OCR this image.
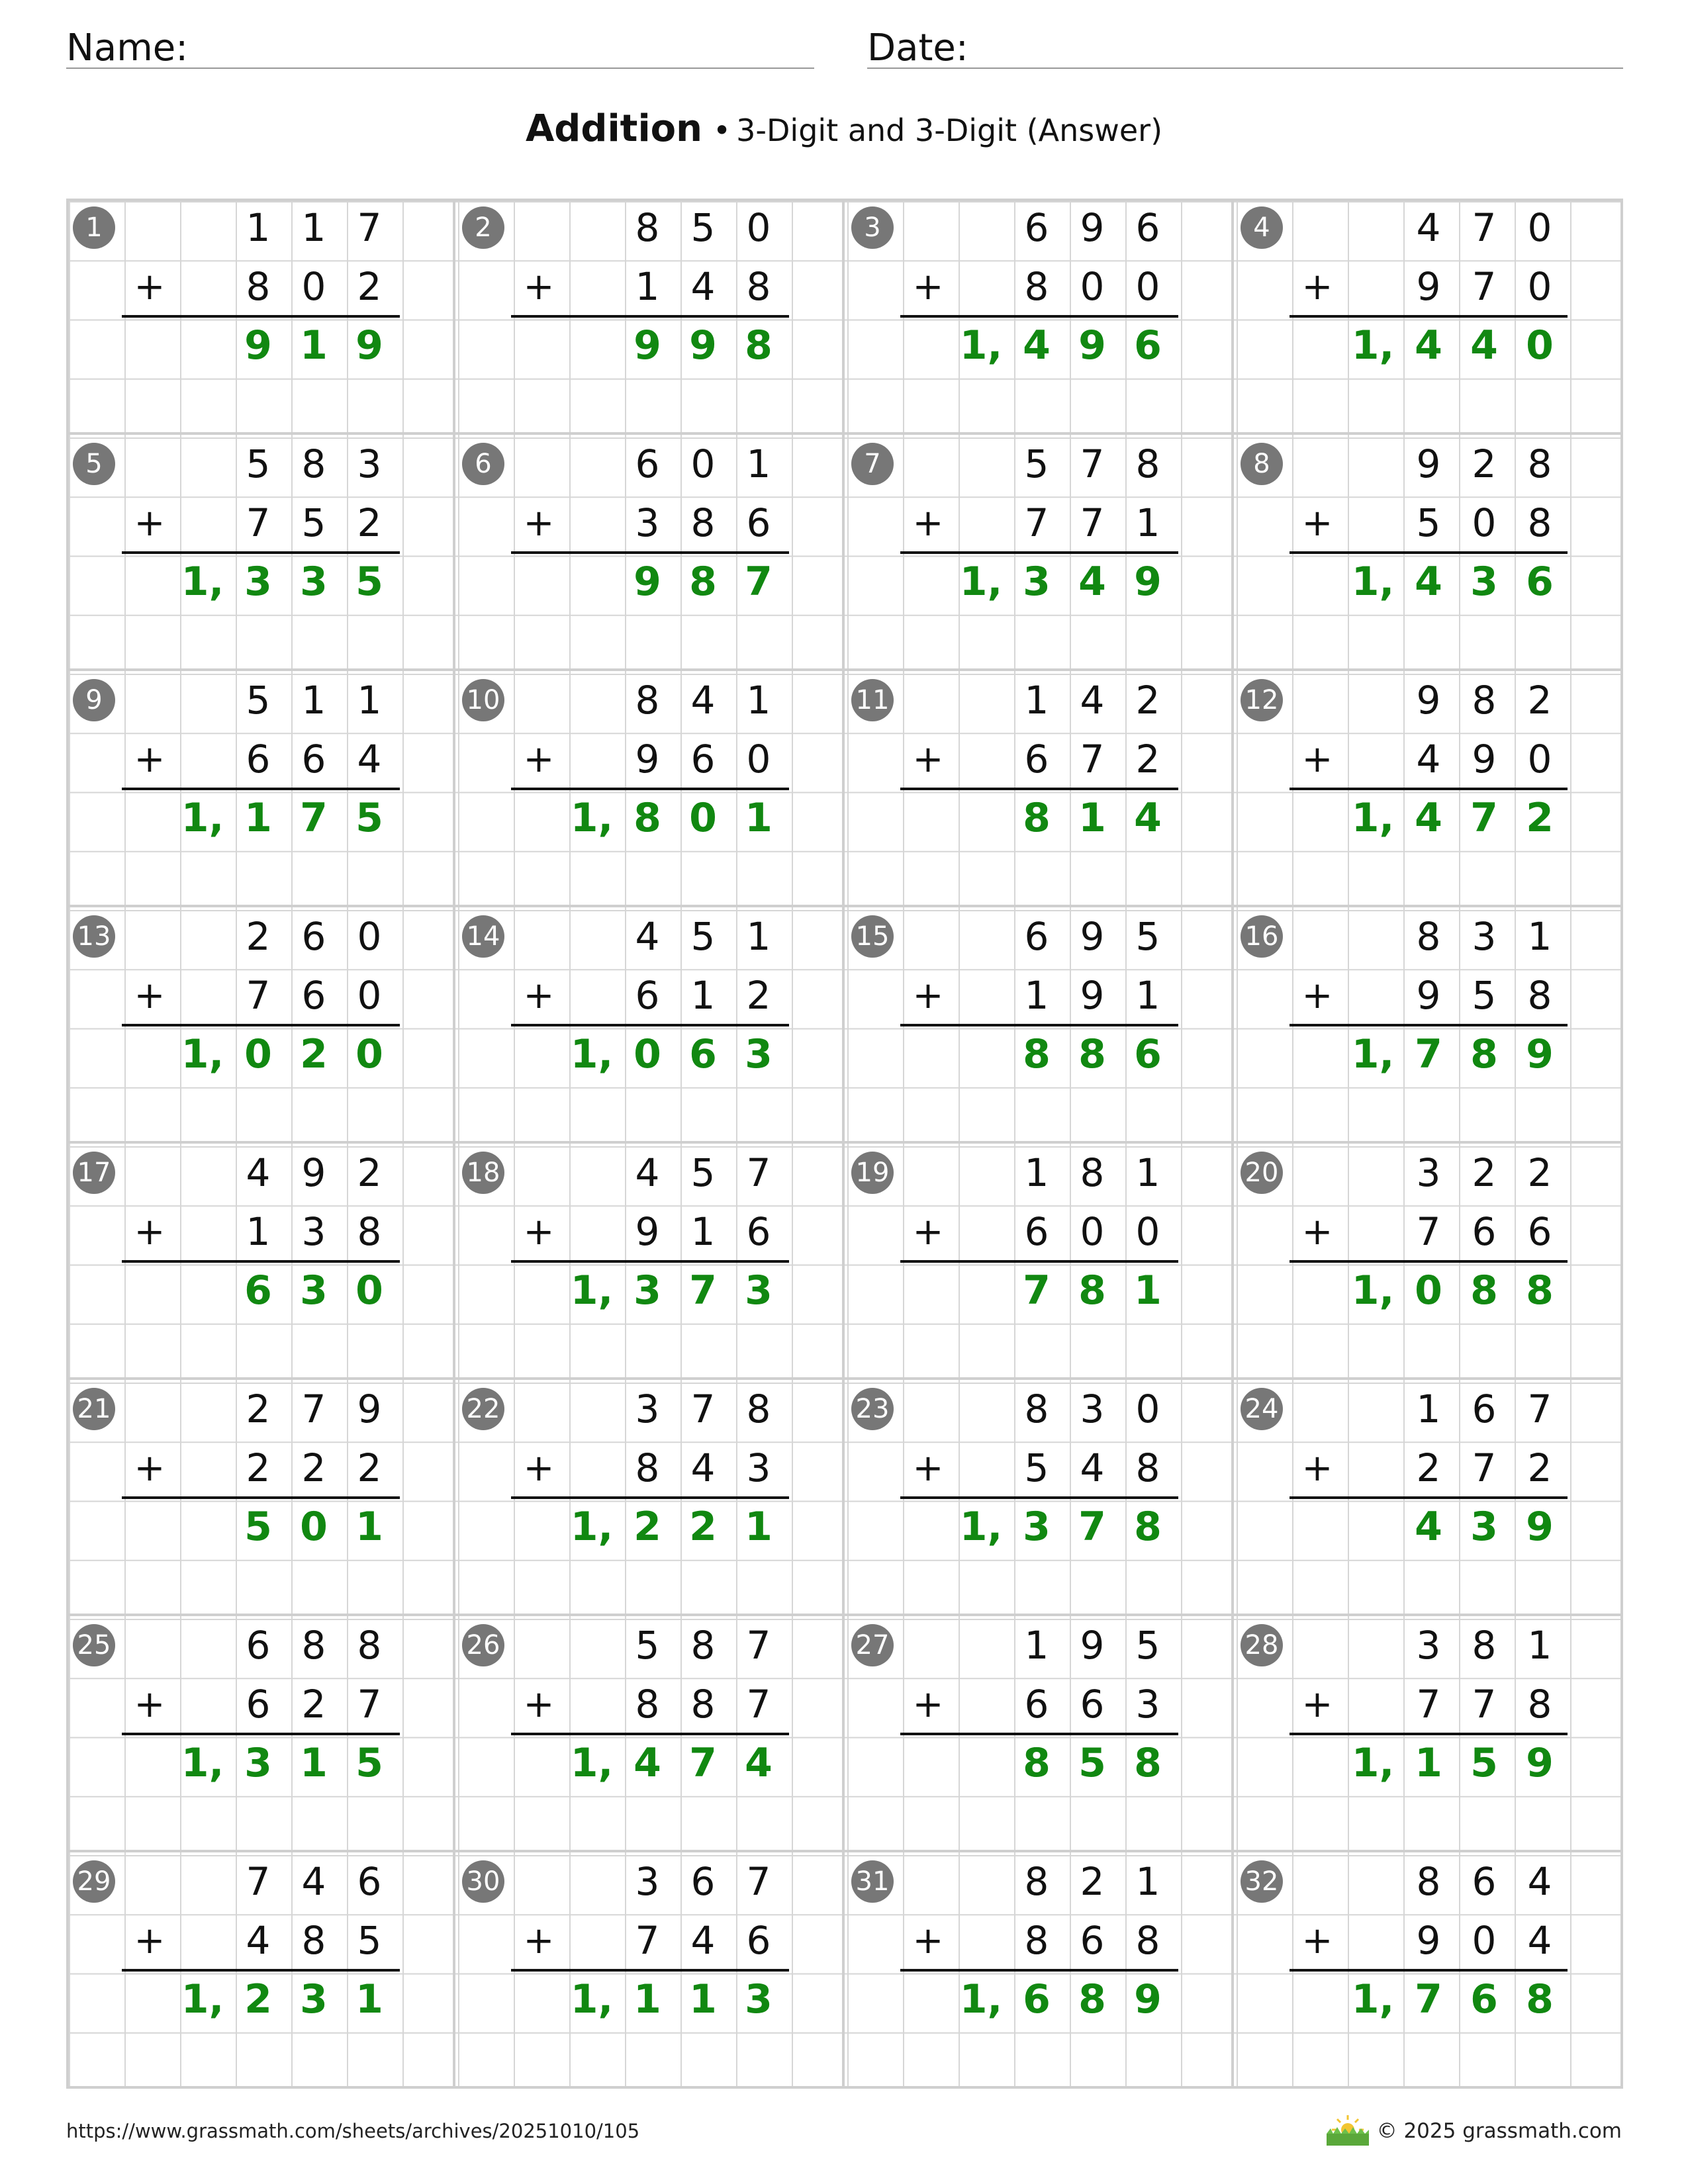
Name:	Date:
Addition • 3-Digit and 3-Digit (Answer)
1	1 1 7
+	8 0 2
9 1 9
2	8 5 0
+	1 4 8
9 9 8
3	6 9 6
+	8 0 0
1, 4 9 6
4	4 7 0
+	9 7 0
1, 4 4 0
5	5 8 3
+	7 5 2
1, 3 3 5
6	6 0 1
+	3 8 6
9 8 7
7	5 7 8
+	7 7 1
1, 3 4 9
8	9 2 8
+	5 0 8
1, 4 3 6
9	5 1 1
+	6 6 4
1, 1 7 5
10	8 4 1
+	9 6 0
1, 8 0 1
11	1 4 2
+	6 7 2
8 1 4
12	9 8 2
+	4 9 0
1, 4 7 2
13	2 6 0
+	7 6 0
1, 0 2 0
14	4 5 1
+	6 1 2
1, 0 6 3
15	6 9 5
+	1 9 1
8 8 6
16	8 3 1
+	9 5 8
1, 7 8 9
17	4 9 2
+	1 3 8
6 3 0
18	4 5 7
+	9 1 6
1, 3 7 3
19	1 8 1
+	6 0 0
7 8 1
20	3 2 2
+	7 6 6
1, 0 8 8
21	2 7 9
+	2 2 2
5 0 1
22	3 7 8
+	8 4 3
1, 2 2 1
23	8 3 0
+	5 4 8
1, 3 7 8
24	1 6 7
+	2 7 2
4 3 9
25	6 8 8
+	6 2 7
1, 3 1 5
26	5 8 7
+	8 8 7
1, 4 7 4
27	1 9 5
+	6 6 3
8 5 8
28	3 8 1
+	7 7 8
1, 1 5 9
29	7 4 6
+	4 8 5
1, 2 3 1
30	3 6 7
+	7 4 6
1, 1 1 3
31	8 2 1
+	8 6 8
1, 6 8 9
32	8 6 4
+	9 0 4
1, 7 6 8
https://www.grassmath.com/sheets/archives/20251010/105	© 2025 grassmath.com
